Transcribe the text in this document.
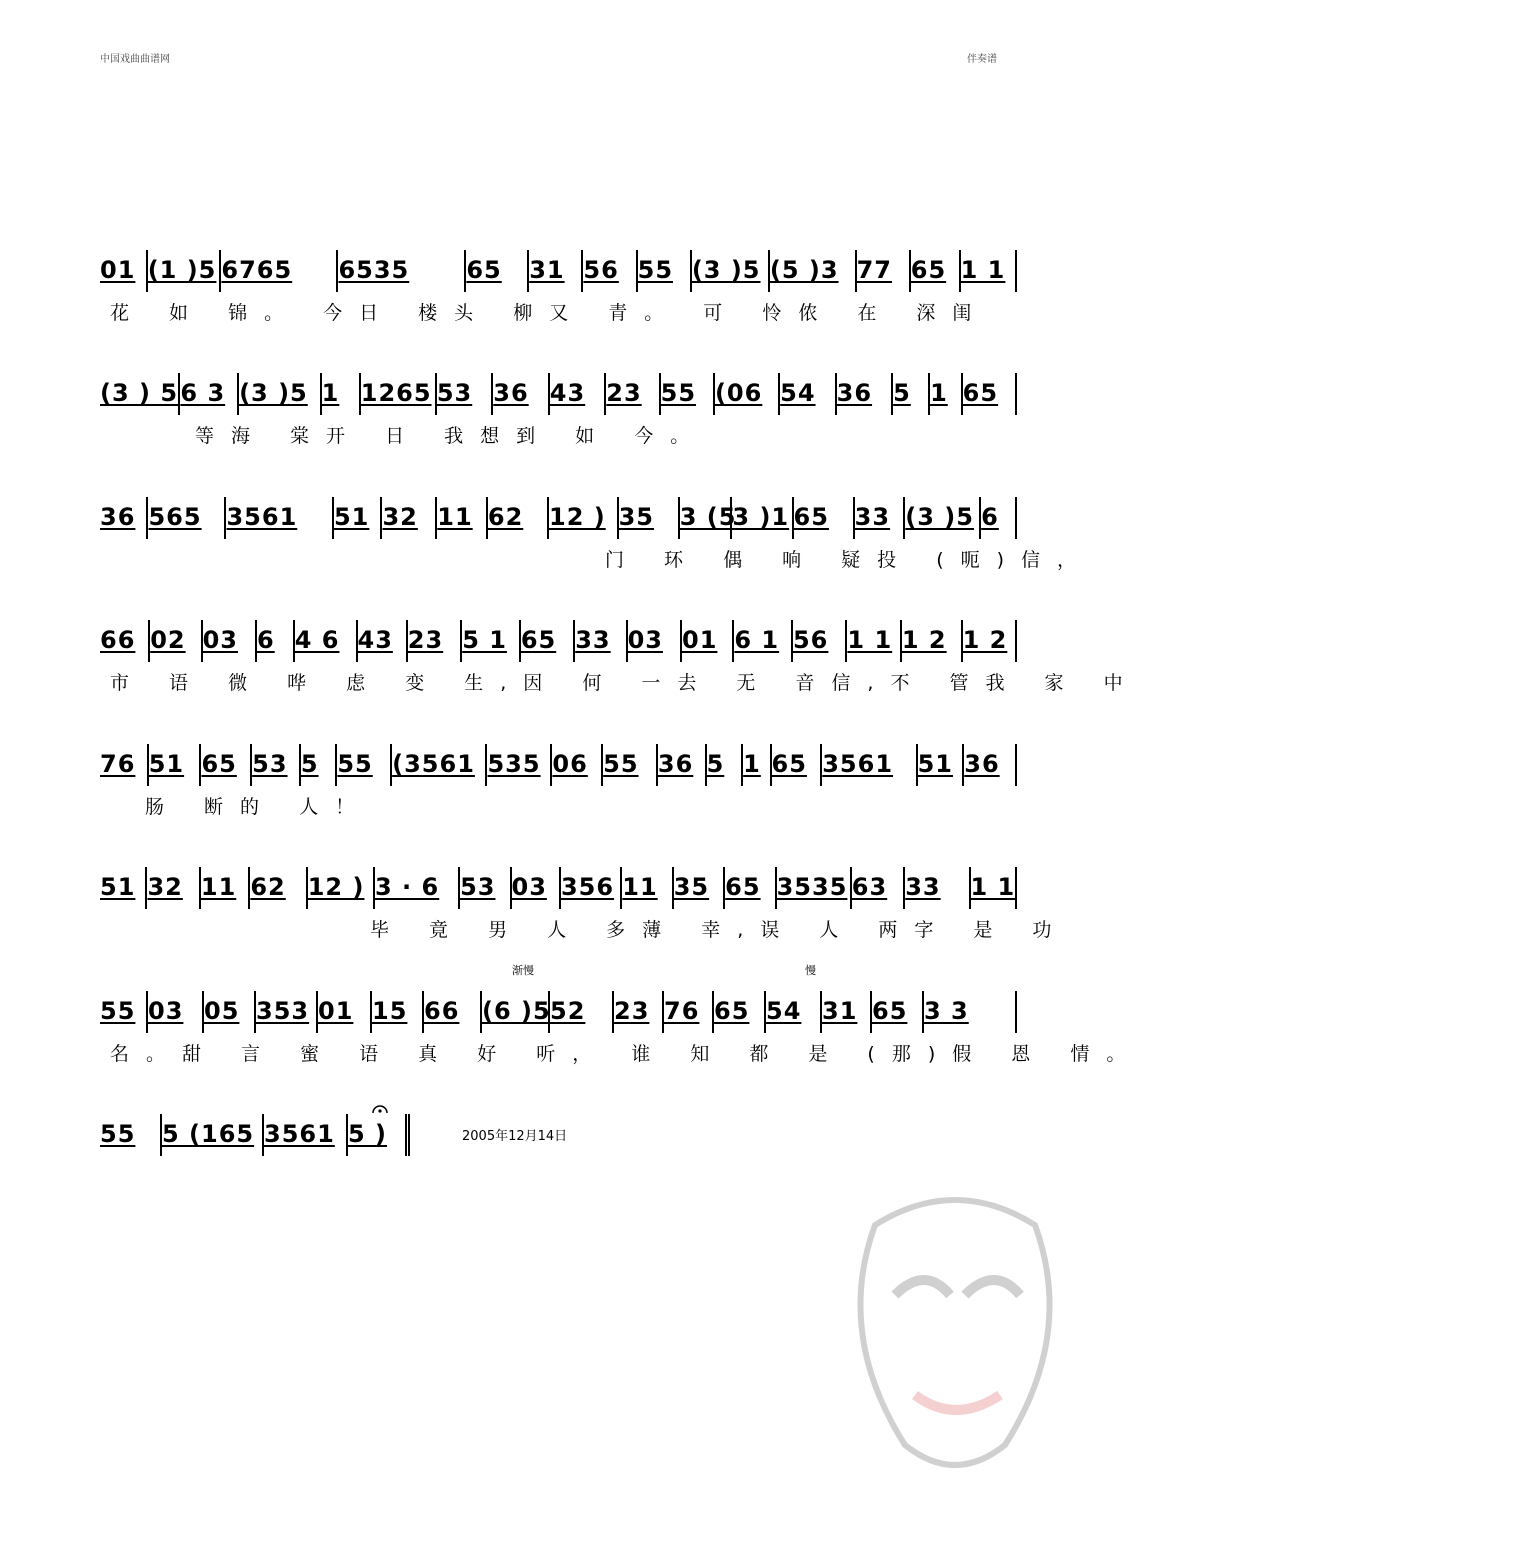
中国戏曲曲谱网	伴奏谱
01 (1 )5 6765	6535	65	31 56 55 (3 )5 (5 )3 77 65 1 1
花 如 锦。 今日 楼头 柳又 青。 可 怜侬 在 深闺
(3 ) 5 6 3 (3 )5 1 1265 53 36 43 23 55 (06 54 36 5 1 65
等海 棠开 日 我想到 如 今。
36 565	3561	51 32 11 62	12 ) 35	3 (5
3 )1 65	33 (3 )5 6
门 环 偶 响 疑投 (呃)信，
66 02 03 6 4 6 43 23 5 1 65 33 03 01 6 1 56 1 1 1 2 1 2
市 语 微 哗 虑 变 生,因 何 一去 无 音信,不 管我 家 中
76 51 65 53 5 55 (3561 535 06 55 36 5 1 65 3561	51 36
肠 断的 人！
51 32 11 62 12 ) 3 · 6 53 03 356 11 35 65 3535 63 33	1 1
毕 竟 男 人 多薄 幸,误 人 两字 是 功
55 03 05 353 01 15 66 (6 )5 52	23 76 65 54 31 65 3 3
名。甜 言 蜜 语 真 好 听， 谁 知 都 是 (那)假 恩 情。
55	5 (165 3561 5 )
渐慢	慢
2005年12月14日
